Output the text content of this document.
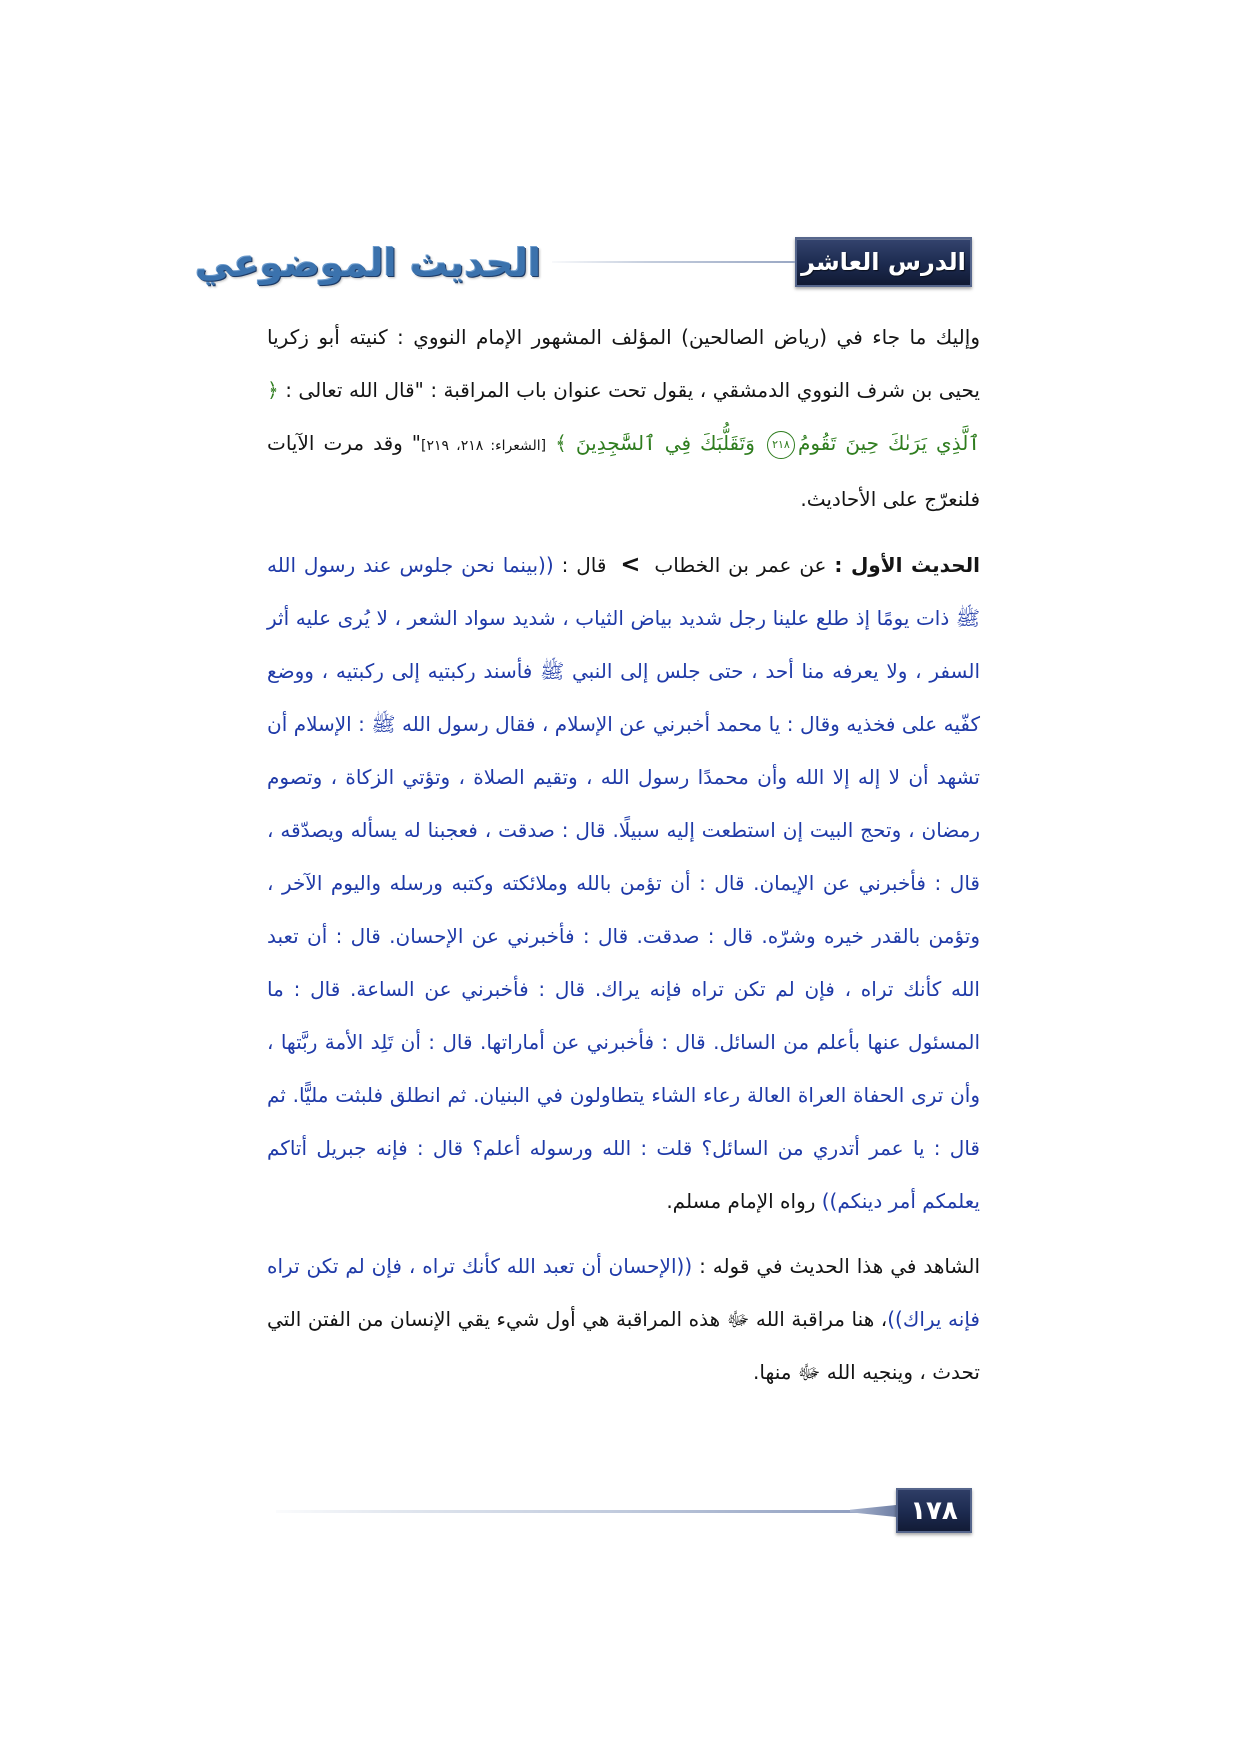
الدرس العاشر
الحديث الموضوعي

وإليك ما جاء في (رياض الصالحين) المؤلف المشهور الإمام النووي : كنيته أبو زكريا يحيى بن شرف النووي الدمشقي ، يقول تحت عنوان باب المراقبة : "قال الله تعالى : ﴿ ٱلَّذِي يَرَىٰكَ حِينَ تَقُومُ٢١٨ وَتَقَلُّبَكَ فِي ٱلسَّٰجِدِينَ ﴾ [الشعراء: ٢١٨، ٢١٩]" وقد مرت الآيات فلنعرّج على الأحاديث.

الحديث الأول : عن عمر بن الخطاب > قال : ((بينما نحن جلوس عند رسول الله ﷺ ذات يومًا إذ طلع علينا رجل شديد بياض الثياب ، شديد سواد الشعر ، لا يُرى عليه أثر السفر ، ولا يعرفه منا أحد ، حتى جلس إلى النبي ﷺ فأسند ركبتيه إلى ركبتيه ، ووضع كفّيه على فخذيه وقال : يا محمد أخبرني عن الإسلام ، فقال رسول الله ﷺ : الإسلام أن تشهد أن لا إله إلا الله وأن محمدًا رسول الله ، وتقيم الصلاة ، وتؤتي الزكاة ، وتصوم رمضان ، وتحج البيت إن استطعت إليه سبيلًا. قال : صدقت ، فعجبنا له يسأله ويصدّقه ، قال : فأخبرني عن الإيمان. قال : أن تؤمن بالله وملائكته وكتبه ورسله واليوم الآخر ، وتؤمن بالقدر خيره وشرّه. قال : صدقت. قال : فأخبرني عن الإحسان. قال : أن تعبد الله كأنك تراه ، فإن لم تكن تراه فإنه يراك. قال : فأخبرني عن الساعة. قال : ما المسئول عنها بأعلم من السائل. قال : فأخبرني عن أماراتها. قال : أن تَلِد الأمة ربَّتها ، وأن ترى الحفاة العراة العالة رعاء الشاء يتطاولون في البنيان. ثم انطلق فلبثت مليًّا. ثم قال : يا عمر أتدري من السائل؟ قلت : الله ورسوله أعلم؟ قال : فإنه جبريل أتاكم يعلمكم أمر دينكم)) رواه الإمام مسلم.

الشاهد في هذا الحديث في قوله : ((الإحسان أن تعبد الله كأنك تراه ، فإن لم تكن تراه فإنه يراك))، هنا مراقبة الله ﷻ هذه المراقبة هي أول شيء يقي الإنسان من الفتن التي تحدث ، وينجيه الله ﷻ منها.

١٧٨
